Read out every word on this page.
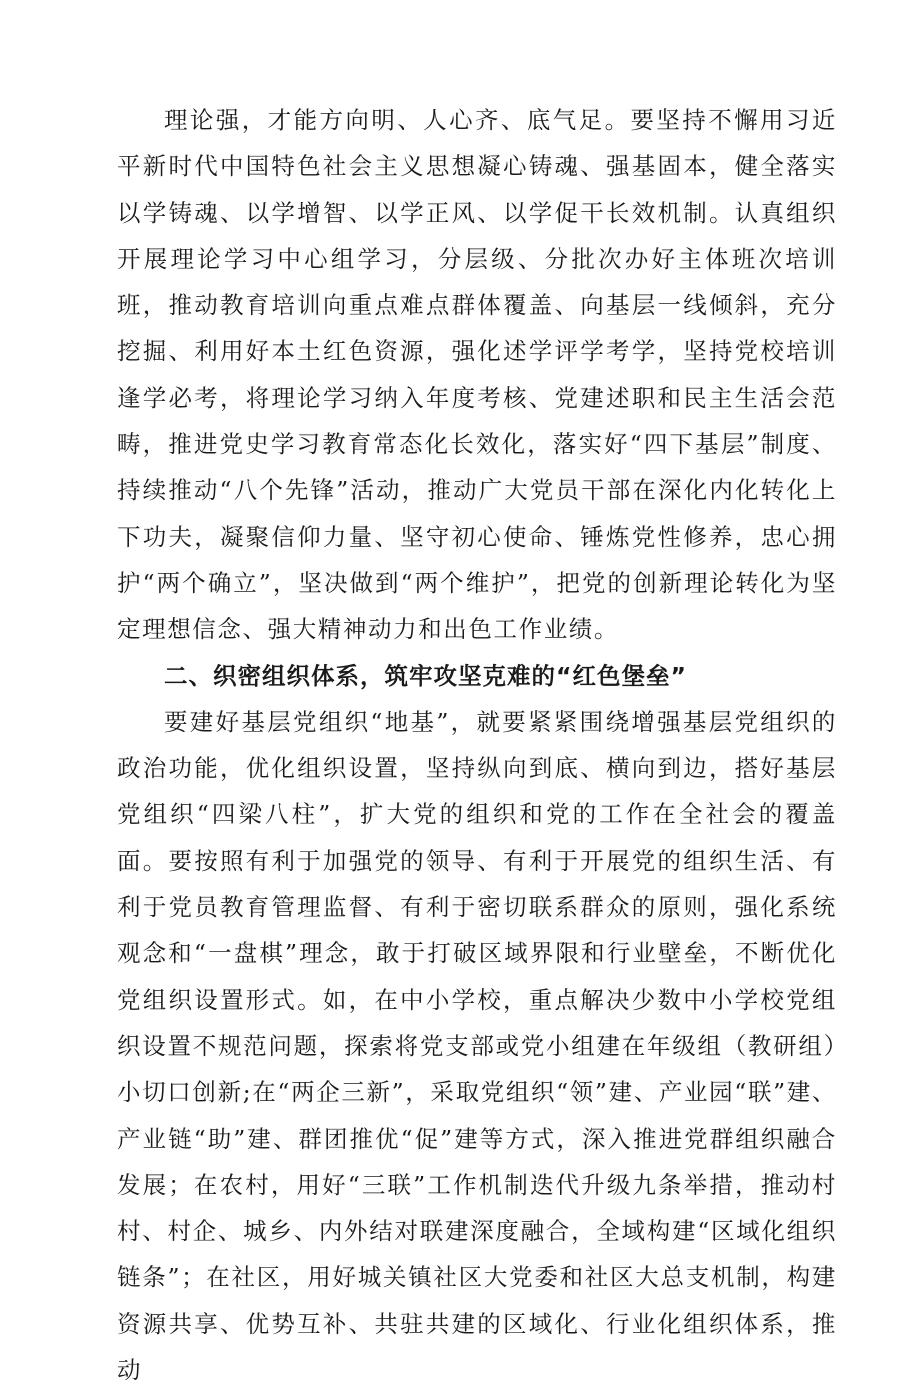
理论强，才能方向明、人心齐、底气足。要坚持不懈用习近平新时代中国特色社会主义思想凝心铸魂、强基固本，健全落实以学铸魂、以学增智、以学正风、以学促干长效机制。认真组织开展理论学习中心组学习，分层级、分批次办好主体班次培训班，推动教育培训向重点难点群体覆盖、向基层一线倾斜，充分挖掘、利用好本土红色资源，强化述学评学考学，坚持党校培训逢学必考，将理论学习纳入年度考核、党建述职和民主生活会范畴，推进党史学习教育常态化长效化，落实好“四下基层”制度、持续推动“八个先锋”活动，推动广大党员干部在深化内化转化上下功夫，凝聚信仰力量、坚守初心使命、锤炼党性修养，忠心拥护“两个确立”，坚决做到“两个维护”，把党的创新理论转化为坚定理想信念、强大精神动力和出色工作业绩。

二、织密组织体系，筑牢攻坚克难的“红色堡垒”

要建好基层党组织“地基”，就要紧紧围绕增强基层党组织的政治功能，优化组织设置，坚持纵向到底、横向到边，搭好基层党组织“四梁八柱”，扩大党的组织和党的工作在全社会的覆盖面。要按照有利于加强党的领导、有利于开展党的组织生活、有利于党员教育管理监督、有利于密切联系群众的原则，强化系统观念和“一盘棋”理念，敢于打破区域界限和行业壁垒，不断优化党组织设置形式。如，在中小学校，重点解决少数中小学校党组织设置不规范问题，探索将党支部或党小组建在年级组（教研组）小切口创新;在“两企三新”，采取党组织“领”建、产业园“联”建、产业链“助”建、群团推优“促”建等方式，深入推进党群组织融合发展；在农村，用好“三联”工作机制迭代升级九条举措，推动村村、村企、城乡、内外结对联建深度融合，全域构建“区域化组织链条”；在社区，用好城关镇社区大党委和社区大总支机制，构建资源共享、优势互补、共驻共建的区域化、行业化组织体系，推动
